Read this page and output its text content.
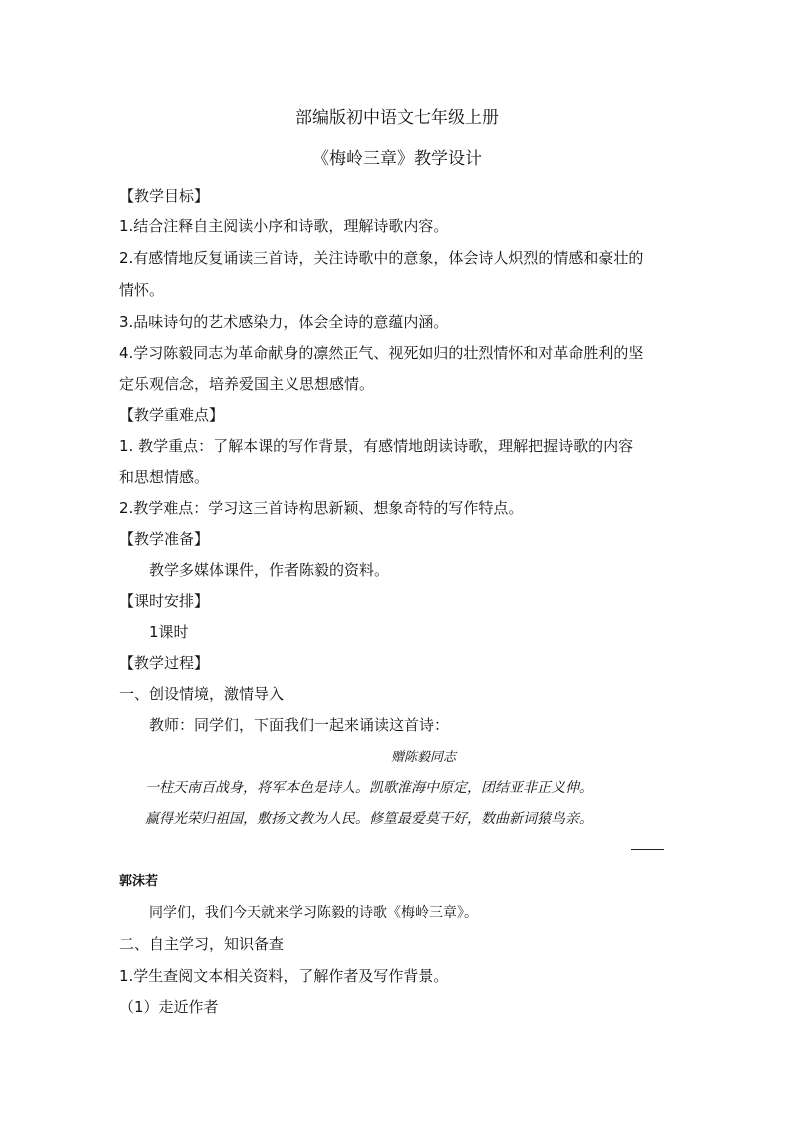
部编版初中语文七年级上册
《梅岭三章》教学设计
【教学目标】
1.结合注释自主阅读小序和诗歌，理解诗歌内容。
2.有感情地反复诵读三首诗，关注诗歌中的意象，体会诗人炽烈的情感和豪壮的
情怀。
3.品味诗句的艺术感染力，体会全诗的意蕴内涵。
4.学习陈毅同志为革命献身的凛然正气、视死如归的壮烈情怀和对革命胜利的坚
定乐观信念，培养爱国主义思想感情。
【教学重难点】
1. 教学重点：了解本课的写作背景，有感情地朗读诗歌，理解把握诗歌的内容
和思想情感。
2.教学难点：学习这三首诗构思新颖、想象奇特的写作特点。
【教学准备】
教学多媒体课件，作者陈毅的资料。
【课时安排】
1课时
【教学过程】
一、创设情境，激情导入
教师：同学们，下面我们一起来诵读这首诗：
赠陈毅同志
一柱天南百战身，将军本色是诗人。凯歌淮海中原定，团结亚非正义伸。
赢得光荣归祖国，敷扬文教为人民。修篁最爱莫干好，数曲新词猿鸟亲。
郭沫若
同学们，我们今天就来学习陈毅的诗歌《梅岭三章》。
二、自主学习，知识备查
1.学生查阅文本相关资料，了解作者及写作背景。
（1）走近作者
